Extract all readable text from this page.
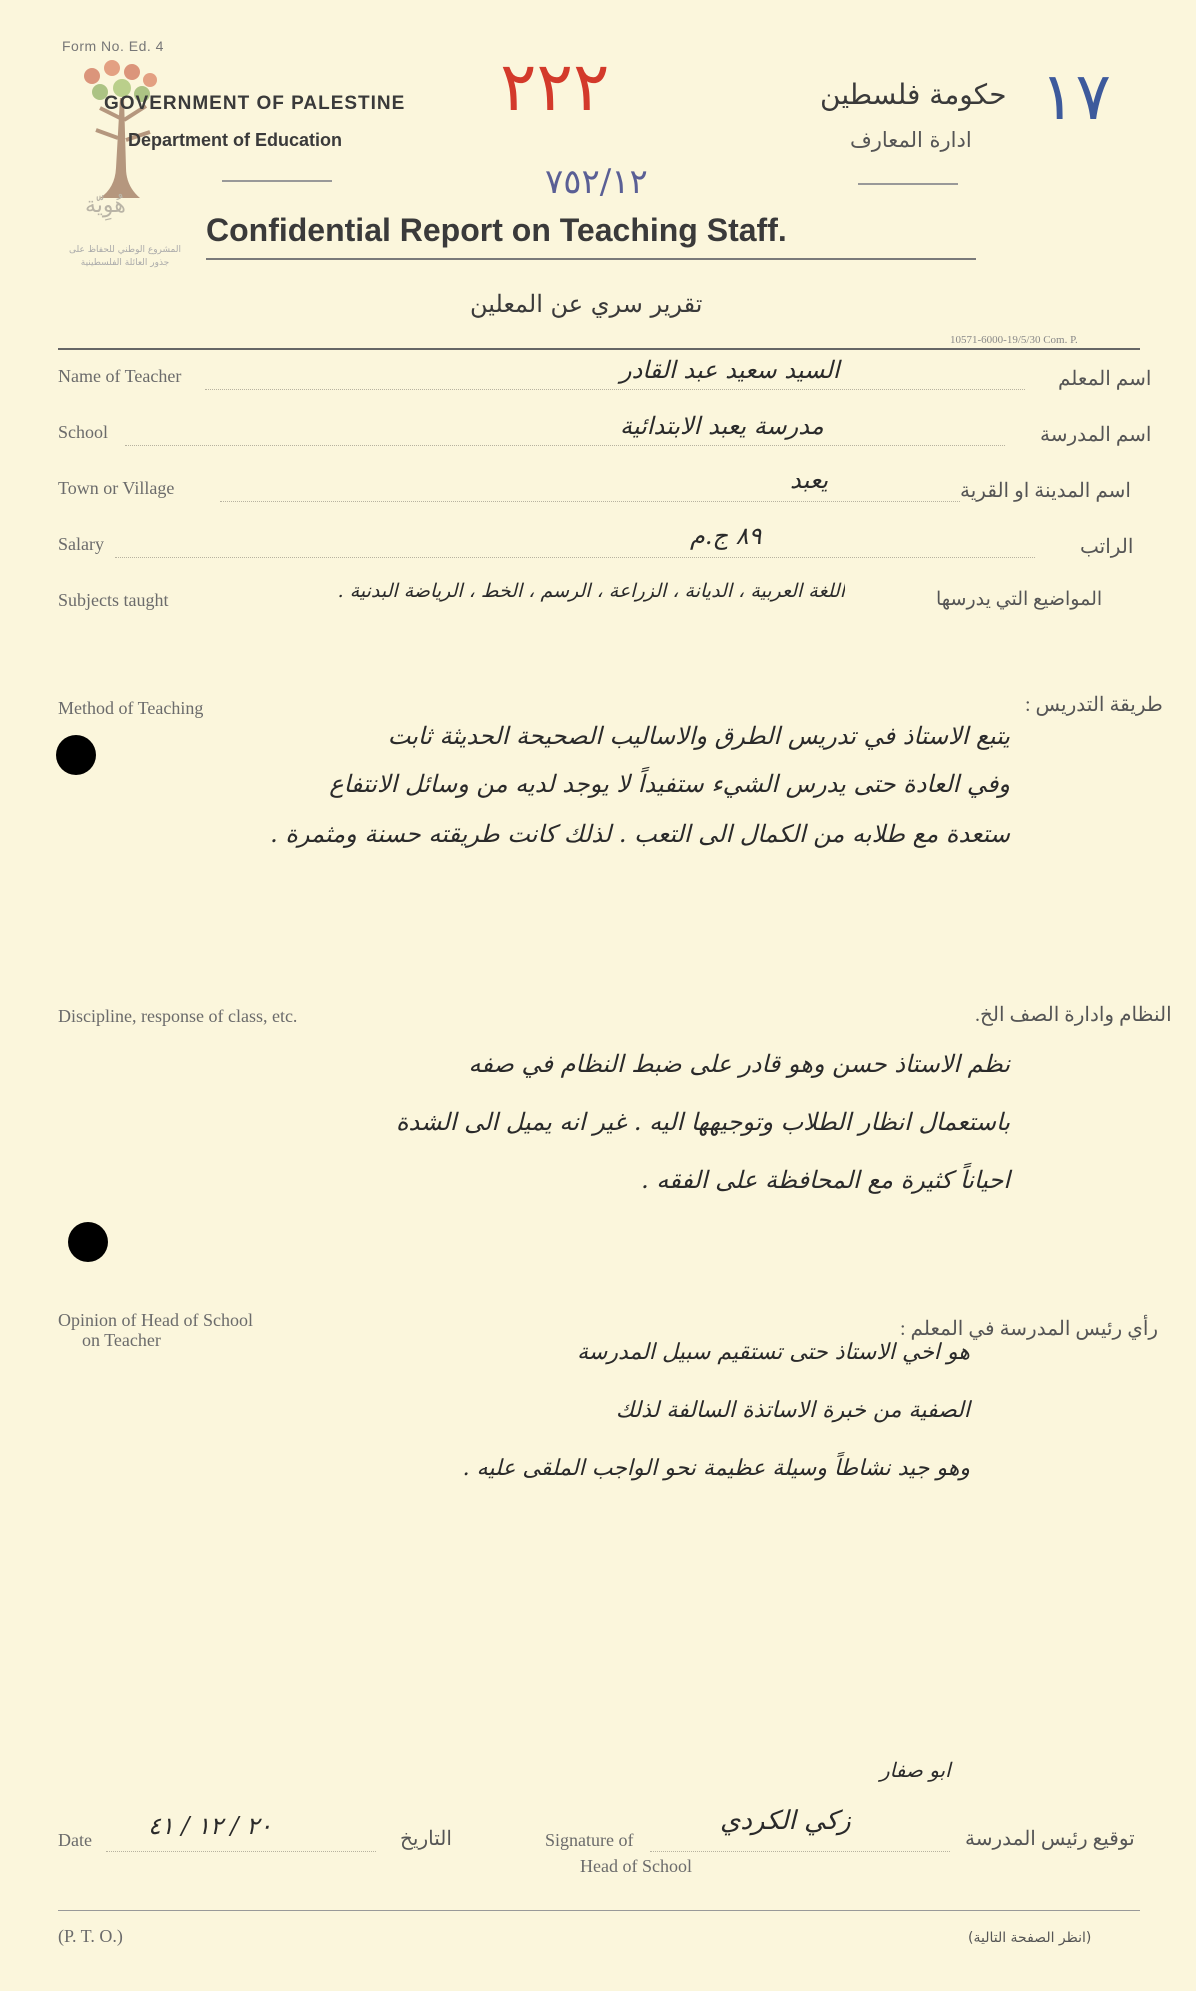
Form No. Ed. 4
هُوِيّة
المشروع الوطني للحفاظ على
جذور العائلة الفلسطينية
GOVERNMENT OF PALESTINE
Department of Education
٢٢٢	١٧
٧٥٢/١٢
حكومة فلسطين
ادارة المعارف
Confidential Report on Teaching Staff.
تقرير سري عن المعلين
10571-6000-19/5/30 Com. P.
Name of Teacher	السيد سعيد عبد القادر	اسم المعلم
School	مدرسة يعبد الابتدائية	اسم المدرسة
Town or Village	يعبد	اسم المدينة او القرية
Salary	٨٩ ج.م	الراتب
Subjects taught	اللغة العربية ، الديانة ، الزراعة ، الرسم ، الخط ، الرياضة البدنية .	المواضيع التي يدرسها
Method of Teaching	طريقة التدريس :
يتبع الاستاذ في تدريس الطرق والاساليب الصحيحة الحديثة ثابت
وفي العادة حتى يدرس الشيء ستفيداً لا يوجد لديه من وسائل الانتفاع
ستعدة مع طلابه من الكمال الى التعب . لذلك كانت طريقته حسنة ومثمرة .
Discipline, response of class, etc.	النظام وادارة الصف الخ.
نظم الاستاذ حسن وهو قادر على ضبط النظام في صفه
باستعمال انظار الطلاب وتوجيهها اليه . غير انه يميل الى الشدة
احياناً كثيرة مع المحافظة على الفقه .
Opinion of Head of School
on Teacher	رأي رئيس المدرسة في المعلم :
هو اخي الاستاذ حتى تستقيم سبيل المدرسة
الصفية من خبرة الاساتذة السالفة لذلك
وهو جيد نشاطاً وسيلة عظيمة نحو الواجب الملقى عليه .
Date ٢٠ / ١٢ / ٤١	التاريخ	Signature of
Head of School
زكي الكردي
ابو صفار
توقيع رئيس المدرسة
(P. T. O.)	(انظر الصفحة التالية)
